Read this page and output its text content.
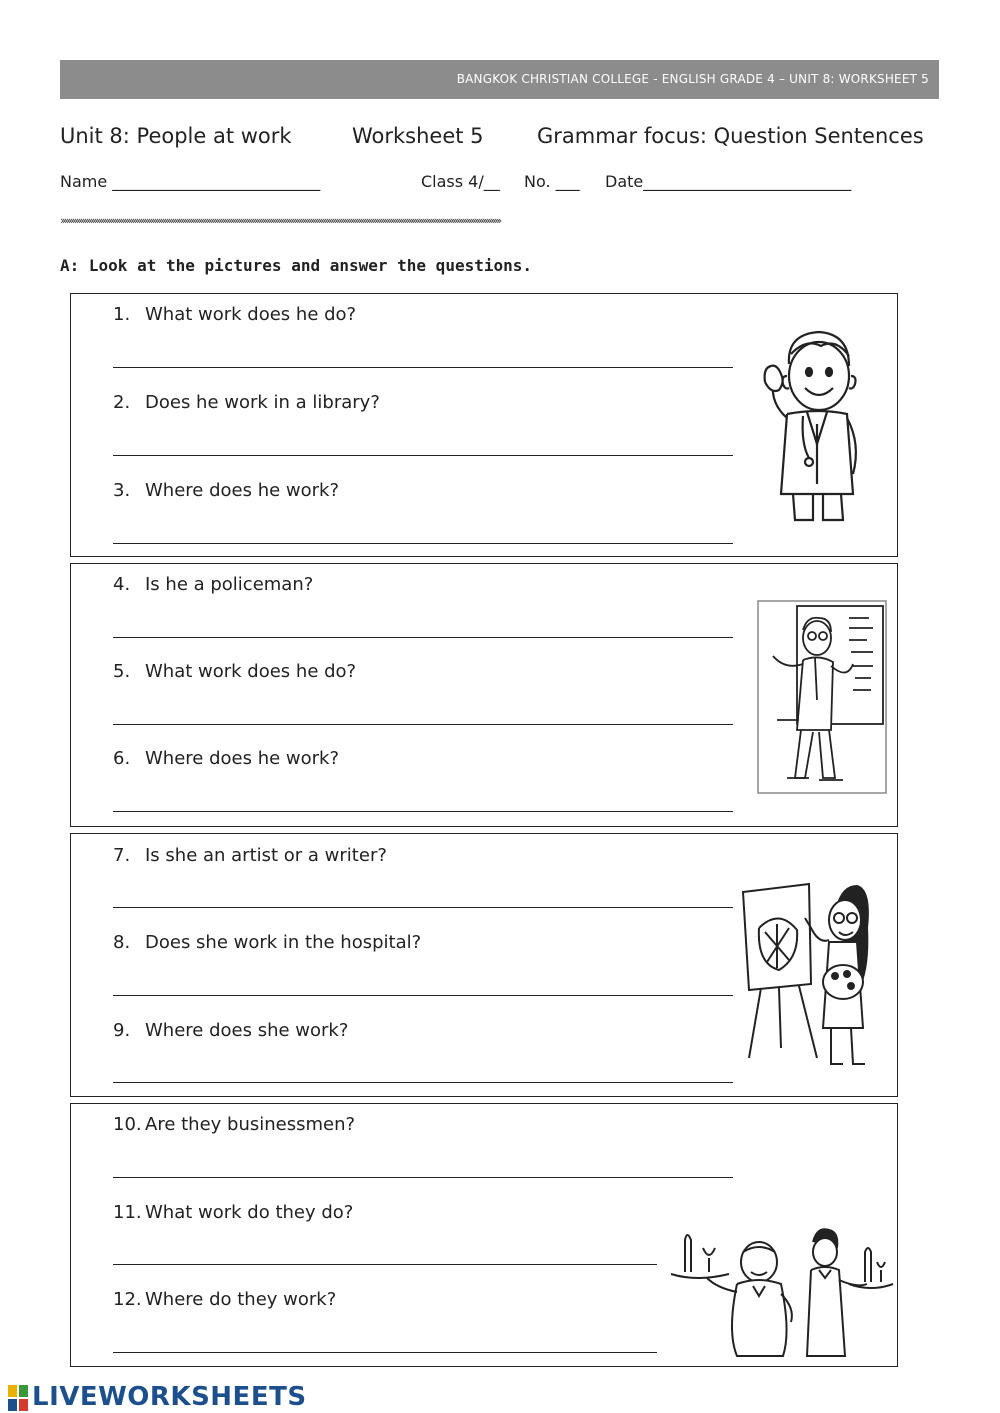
BANGKOK CHRISTIAN COLLEGE - ENGLISH GRADE 4 – UNIT 8: WORKSHEET 5
Unit 8: People at work	Worksheet 5	Grammar focus: Question Sentences
Name __________________________	Class 4/__ No. ___ Date__________________________
››››››››››››››››››››››››››››››››››››››››››››››››››››››››››››››››››››››››››››››››››››››››››››››››››››››››››››››››››››››››››››››››››››››››››››››››››››››››››››››››››››››››››››››››››››››››››››››››››››››››››››››››››››››››››››
A: Look at the pictures and answer the questions.
1. What work does he do?
2. Does he work in a library?
3. Where does he work?
4. Is he a policeman?
5. What work does he do?
6. Where does he work?
7. Is she an artist or a writer?
8. Does she work in the hospital?
9. Where does she work?
10. Are they businessmen?
11. What work do they do?
12. Where do they work?
LIVEWORKSHEETS
